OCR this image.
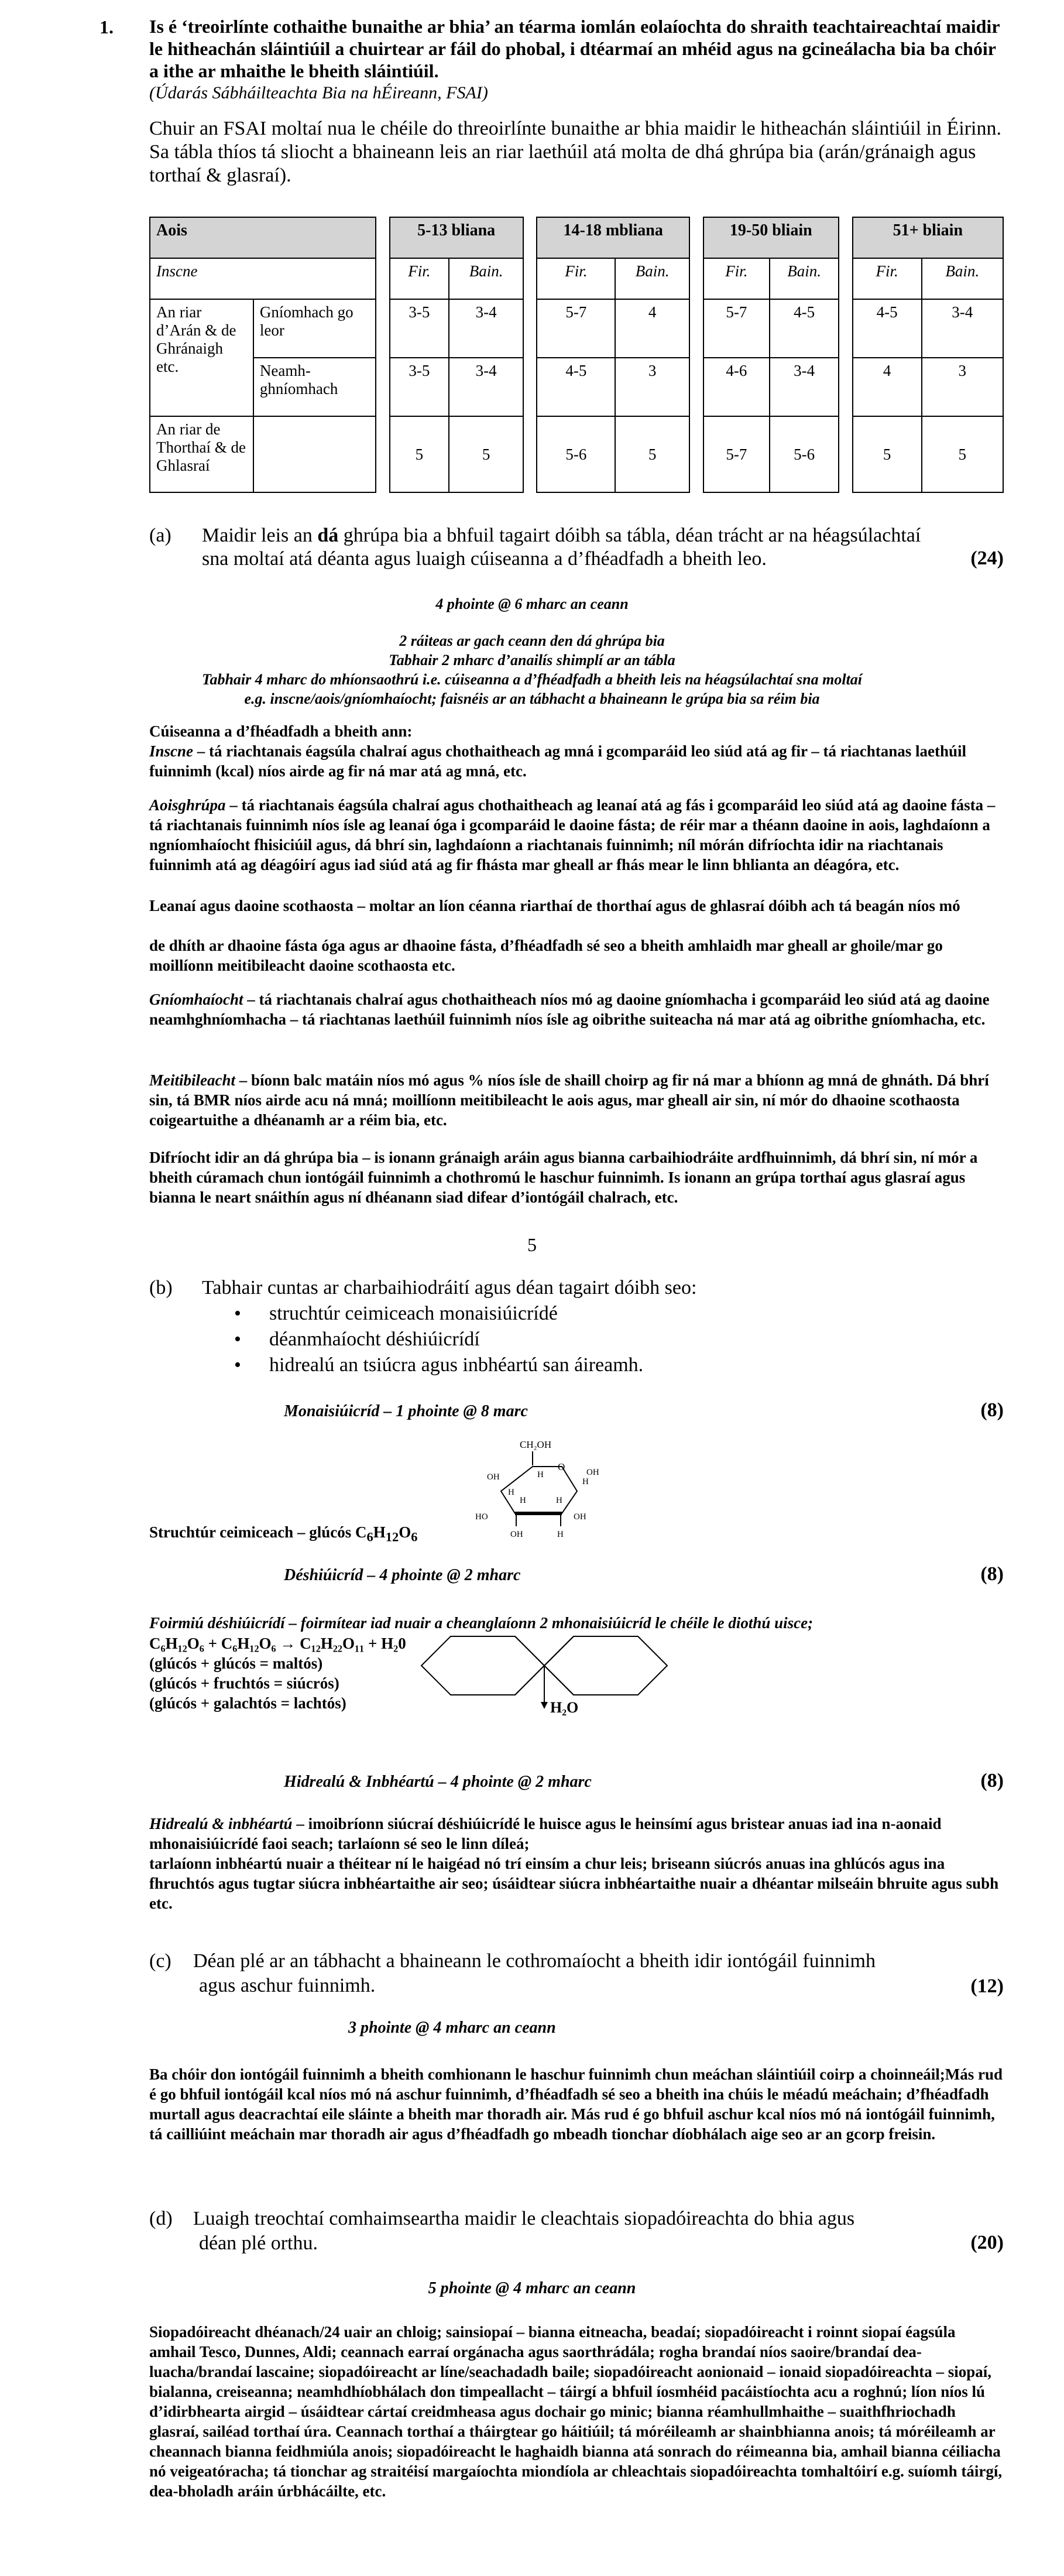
1. Is é ‘treoirlínte cothaithe bunaithe ar bhia’ an téarma iomlán eolaíochta do shraith teachtaireachtaí maidir le hitheachán sláintiúil a chuirtear ar fáil do phobal, i dtéarmaí an mhéid agus na gcineálacha bia ba chóir a ithe ar mhaithe le bheith sláintiúil.
(Údarás Sábháilteachta Bia na hÉireann, FSAI)
Chuir an FSAI moltaí nua le chéile do threoirlínte bunaithe ar bhia maidir le hitheachán sláintiúil in Éirinn. Sa tábla thíos tá sliocht a bhaineann leis an riar laethúil atá molta de dhá ghrúpa bia (arán/gránaigh agus torthaí & glasraí).
Aois			5-13 bliana			14-18 mbliana			19-50 bliain			51+ bliain	
Inscne			Fir.	Bain.		Fir.	Bain.		Fir.	Bain.		Fir.	Bain.
An riar d’Arán & de Ghránaigh etc.	Gníomhach go leor		3-5	3-4		5-7	4		5-7	4-5		4-5	3-4
	Neamh-ghníomhach		3-5	3-4		4-5	3		4-6	3-4		4	3
An riar de Thorthaí & de Ghlasraí			5	5		5-6	5		5-7	5-6		5	5
(a) Maidir leis an dá ghrúpa bia a bhfuil tagairt dóibh sa tábla, déan trácht ar na héagsúlachtaí sna moltaí atá déanta agus luaigh cúiseanna a d’fhéadfadh a bheith leo.	(24)
4 phointe @ 6 mharc an ceann
2 ráiteas ar gach ceann den dá ghrúpa bia
Tabhair 2 mharc d’anailís shimplí ar an tábla
Tabhair 4 mharc do mhíonsaothrú i.e. cúiseanna a d’fhéadfadh a bheith leis na héagsúlachtaí sna moltaí
e.g. inscne/aois/gníomhaíocht; faisnéis ar an tábhacht a bhaineann le grúpa bia sa réim bia
Cúiseanna a d’fhéadfadh a bheith ann:
Inscne – tá riachtanais éagsúla chalraí agus chothaitheach ag mná i gcomparáid leo siúd atá ag fir – tá riachtanas laethúil fuinnimh (kcal) níos airde ag fir ná mar atá ag mná, etc.
Aoisghrúpa – tá riachtanais éagsúla chalraí agus chothaitheach ag leanaí atá ag fás i gcomparáid leo siúd atá ag daoine fásta – tá riachtanais fuinnimh níos ísle ag leanaí óga i gcomparáid le daoine fásta; de réir mar a théann daoine in aois, laghdaíonn a ngníomhaíocht fhisiciúil agus, dá bhrí sin, laghdaíonn a riachtanais fuinnimh; níl mórán difríochta idir na riachtanais fuinnimh atá ag déagóirí agus iad siúd atá ag fir fhásta mar gheall ar fhás mear le linn bhlianta an déagóra, etc.
Leanaí agus daoine scothaosta – moltar an líon céanna riarthaí de thorthaí agus de ghlasraí dóibh ach tá beagán níos mó
de dhíth ar dhaoine fásta óga agus ar dhaoine fásta, d’fhéadfadh sé seo a bheith amhlaidh mar gheall ar ghoile/mar go moillíonn meitibileacht daoine scothaosta etc.
Gníomhaíocht – tá riachtanais chalraí agus chothaitheach níos mó ag daoine gníomhacha i gcomparáid leo siúd atá ag daoine neamhghníomhacha – tá riachtanas laethúil fuinnimh níos ísle ag oibrithe suiteacha ná mar atá ag oibrithe gníomhacha, etc.
Meitibileacht – bíonn balc matáin níos mó agus % níos ísle de shaill choirp ag fir ná mar a bhíonn ag mná de ghnáth. Dá bhrí sin, tá BMR níos airde acu ná mná; moillíonn meitibileacht le aois agus, mar gheall air sin, ní mór do dhaoine scothaosta coigeartuithe a dhéanamh ar a réim bia, etc.
Difríocht idir an dá ghrúpa bia – is ionann gránaigh aráin agus bianna carbaihiodráite ardfhuinnimh, dá bhrí sin, ní mór a bheith cúramach chun iontógáil fuinnimh a chothromú le haschur fuinnimh. Is ionann an grúpa torthaí agus glasraí agus bianna le neart snáithín agus ní dhéanann siad difear d’iontógáil chalrach, etc.
5
(b) Tabhair cuntas ar charbaihiodráití agus déan tagairt dóibh seo:
• struchtúr ceimiceach monaisiúicrídé
• déanmhaíocht déshiúicrídí
• hidrealú an tsiúcra agus inbhéartú san áireamh.
Monaisiúicríd – 1 phointe @ 8 marc	(8)
CH₂OH
O
H
H
OH
OH
H
HO
H
H
OH
OH	H
Struchtúr ceimiceach – glúcós $C_6H_{12}O_6$
Déshiúicríd – 4 phointe @ 2 mharc	(8)
Foirmiú déshiúicrídí – foirmítear iad nuair a cheanglaíonn 2 mhonaisiúicríd le chéile le diothú uisce;
C₆H₁₂O₆ + C₆H₁₂O₆ → C₁₂H₂₂O₁₁ + H₂0
(glúcós + glúcós = maltós)
(glúcós + fruchtós = siúcrós)
(glúcós + galachtós = lachtós)	H₂O
Hidrealú & Inbhéartú – 4 phointe @ 2 mharc	(8)
Hidrealú & inbhéartú – imoibríonn siúcraí déshiúicrídé le huisce agus le heinsímí agus bristear anuas iad ina n-aonaid mhonaisiúicrídé faoi seach; tarlaíonn sé seo le linn díleá;
tarlaíonn inbhéartú nuair a théitear ní le haigéad nó trí einsím a chur leis; briseann siúcrós anuas ina ghlúcós agus ina fhruchtós agus tugtar siúcra inbhéartaithe air seo; úsáidtear siúcra inbhéartaithe nuair a dhéantar milseáin bhruite agus subh etc.
(c) Déan plé ar an tábhacht a bhaineann le cothromaíocht a bheith idir iontógáil fuinnimh
agus aschur fuinnimh.	(12)
3 phointe @ 4 mharc an ceann
Ba chóir don iontógáil fuinnimh a bheith comhionann le haschur fuinnimh chun meáchan sláintiúil coirp a choinneáil;Más rud é go bhfuil iontógáil kcal níos mó ná aschur fuinnimh, d’fhéadfadh sé seo a bheith ina chúis le méadú meáchain; d’fhéadfadh murtall agus deacrachtaí eile sláinte a bheith mar thoradh air. Más rud é go bhfuil aschur kcal níos mó ná iontógáil fuinnimh, tá cailliúint meáchain mar thoradh air agus d’fhéadfadh go mbeadh tionchar díobhálach aige seo ar an gcorp freisin.
(d) Luaigh treochtaí comhaimseartha maidir le cleachtais siopadóireachta do bhia agus
déan plé orthu.	(20)
5 phointe @ 4 mharc an ceann
Siopadóireacht dhéanach/24 uair an chloig; sainsiopaí – bianna eitneacha, beadaí; siopadóireacht i roinnt siopaí éagsúla amhail Tesco, Dunnes, Aldi; ceannach earraí orgánacha agus saorthrádála; rogha brandaí níos saoire/brandaí dea-luacha/brandaí lascaine; siopadóireacht ar líne/seachadadh baile; siopadóireacht aonionaid – ionaid siopadóireachta – siopaí, bialanna, creiseanna; neamhdhíobhálach don timpeallacht – táirgí a bhfuil íosmhéid pacáistíochta acu a roghnú; líon níos lú d’idirbhearta airgid – úsáidtear cártaí creidmheasa agus dochair go minic; bianna réamhullmhaithe – suaithfhriochadh glasraí, sailéad torthaí úra. Ceannach torthaí a tháirgtear go háitiúil; tá móréileamh ar shainbhianna anois; tá móréileamh ar cheannach bianna feidhmiúla anois; siopadóireacht le haghaidh bianna atá sonrach do réimeanna bia, amhail bianna céiliacha nó veigeatóracha; tá tionchar ag straitéisí margaíochta miondíola ar chleachtais siopadóireachta tomhaltóirí e.g. suíomh táirgí, dea-bholadh aráin úrbhácáilte, etc.
